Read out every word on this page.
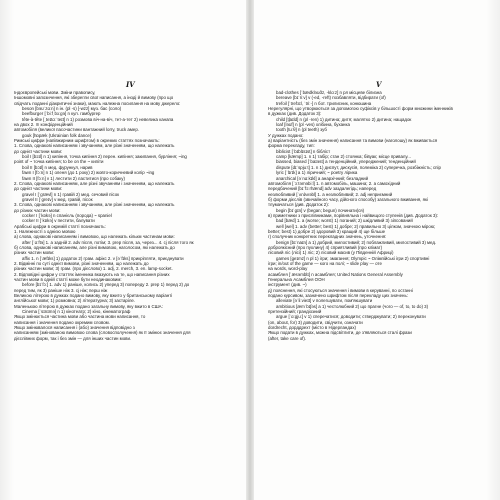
IV
Індоєвропейські мови. Зміни правопису,
Іншомовні запозичення, які зберегли свої написання, а іноді й вимову (про що
свідчать поданні діакритичні знаки), мають належна посилання на мову джерело:
beson [bəʊˈzɑːn] n ін. (pl -s) [-wzz] муз. бас (соло)
beefburger [ˈbiːfˌbɜːgə] n кул. гамбургер
tête-à-tête [ˌteɪtɑːˈteɪt] n 1) розмова віч-на-віч, тет-а-тет 2) невелика канапа
на двох 2. ≅ конфіденційний
автомобіля (великої пасочастини вантажний lorry, truck амер.
gouk [hɒpæk (Ukrainian folk dance)
Римські цифри (напівжирним шрифтом) в окремих статтях позначають:
1. Слова, однакові написанням і звучанням, але різні значенням, що належать
до однієї частини мови:
boil I [bɔɪl] n 1) кипіння, точка кипіння 2) перен. кипіння; закипання, бурління; ~ing
point of ~ точка кипіння; to be on the ~ кипіти
boil II [bɔɪl] n мед. фурункул, нарив
fawn I [fɔːn] n 1) оленя (до 1 року) 2) жовто-коричневий колір ~ing
fawn II [fɔːn] v 1) лестити 2) ластитися (про собаку)
2. Слова, однакові написанням, але різні звучанням і значенням, що належать
до однієї частини мови:
gravel I [ˈgrævl] n 1) гравій 2) мед. сечовий пісок
gravel II [ˈɡreɪv] v мед. гравій, пісок
3. Слова, однакові написанням і звучанням, але різні значенням, що належать
до різних частин мови:
cocker I [ˈkɒkə] n спанієль (порода) ~ spaniel
cocker II [ˈkɒkə] v пестити, балувати
Арабські цифри в окремій статті позначають:
1. Належності з однією мовою
а) слова, однакові написанням і вимовою, що належать кількм частинам мови:
after [ˈɑːftə] 1. a задній 2. adv після, потім; 3. prep після, за, через... 4. cj після того як
б) слова, однакові написанням, але різні вимовою, наголосом, які належать до
різних частин мови:
affix 1. n [ˈæfɪks] 1) додаток 2) грам. афікс 2. v [əˈfɪks] прикріпляти, приєднувати
2. Відмінні по суті однієї вимови, різні значенням, що належать до
різних частин мови; 3) грам. (про дієслово) 1. adj, 2. merch, 3. en. lamp-socket.
2. Відповідні цифри у статтях іменника вказують на те, що написання різних
частин мови в одній статті може бути неодинаковим:
before [bɪˈfɔː] 1. adv 1) раніше, колись 2) уперед 3) попереду 2. prep 1) перед 2) до
перед тим, як 3) раніше ніж 3. cj ніж; перш ніж
Великою літерою в дужках подано вимову, яку вжито у британському варіанті
англійської мови; 1) розмовна; 2) літературна; 3) застаріле.
Маленькою літерою в дужках подано загальну вимову, яку вжито в США:
Cinema [ˈsɪnɪmə] n 1) кінотеатр; 2) кіно, кінематограф
Якщо змінюється частина мови або частина мови написання, то
написання і значення подано окремим словом.
Якщо змінювалося написання і (або) значення відповідно з
написанням (змінованою вимовою слова (словосполучення) як її змінює значення для
дієслівних форм, так і без змін — для інших частин мови.
V
bad-clothes [ˈbædkləʊðz, -klɑːz] n рл місцеве білизна
bereave [bɪˈriːv] v (-ed, -reft) позбавляти, відбирати (of)
trefoil [ˈtrefɔɪl, ˈtriː-] n бот. трилисник, конюшина
Нерегулярні, що утворюються за допомогою суфіксів у більшості форм множини іменників
в дужках (див. Додаток 3):
child [tʃaɪld] n (pl -ren) 1) дитина; дитя; малятко 2) дитина; нащадок
loaf [ləʊf] n (pl -ves) хлібина, буханка
tooth [tuːθ] n (pl teeth) зуб
У дужках подано:
а) варіантність (без змін значення) написання та вимови (наголошу) як вживається
форма перекладу, тип:
biblicist [ˈbɪblɪsɪst] n бібліст
camp [kæmp] 1. n 1) табір; стан 2) стоянка; бівуак; місце привалу...
biassed, biased [ˈbaɪəst] a тенденційний, упереджений; тенденційний
dispute [dɪˈspjuːt] 1. n 1) диспут, дискусія, полеміка 2) суперечка, розбіжність; спір
lyric [ˈlɪrɪk] a 1) ліричний; ~ poetry лірика
anarchical [əˈnɑːkɪkl] a анархічний; безладний
автомобіля [ˈɔːtəməbiːl] 1. n автомобіль, машина; 2. a самохідний
передбачений [bɪˈfɔːrhænd] adv заздалегідь; наперед
незлюбливий [ˈʌnlʌvəbl] 1. a незлюбливий; 2. adj неприємний
б) форми дієслів (звичайного часу, дійсного способу) загального вживання, які
тлумачаться (див. Додаток 2):
begin [bɪˈgɪn] v (began; begun) починати(ся)
в) приметники з прислівниками, порівняльна і найвищого ступенів (див. Додаток 3):
bad [bæd] 1. a (worse; worst) 1) поганий; 2) шкідливий 3) зіпсований
well [wel] 1. adv (better; best) 1) добре; 2) правильно 3) цілком, значною мірою;
better; best) 1) добре 2) здоровий 3) кращий 4) ще більше
г) сполучник конкретних перекладних значень, уточнення:
benign [bɪˈnaɪn] a 1) добрий, милостивий; 2) поблажливий, милостивий 3) мед.
доброякісний (про пухлину) 4) сприятливий (про клімат)
лісовий ліс (лісі) 1) ліс; 2) лісовий масив (у Південній Африці)
games [ɡeɪmz] n pl 1) ігри; змагання; Olympic ~ Олімпійські ігри 2) спортивні
ігри; in/out of the game — кого на полі; ~ slide play — оте
на words, word-play
асамблея [ˈæsəmblɪ] n асамблея; United Nations General Assembly
Генеральна Асамблея ООН
інструмент (див. ~)
д) пояснення, які стосуються значення і вимови в керуванні, по останні
подано курсивом, зазначено шрифтом після перекладу цих значень:
alleviate [əˈliːvieɪt] v полегшувати, пом'якшувати
ambitious [æmˈbɪʃəs] a 1) честолюбний 2) що прагне (чого — of, to, to do) 3)
претензійний; грандіозний
argue [ˈɑːɡjuː] v 1) сперечатися; доводити; стверджувати; 2) переконувати
(on, about, for) 3) доводити, свідчити, означати
dordrecht, дорддрехт (місто в Нідерландах)
Якщо подати в дужках, можна підсвітлити, де з'являються сталі фрази
(after, take care of).
